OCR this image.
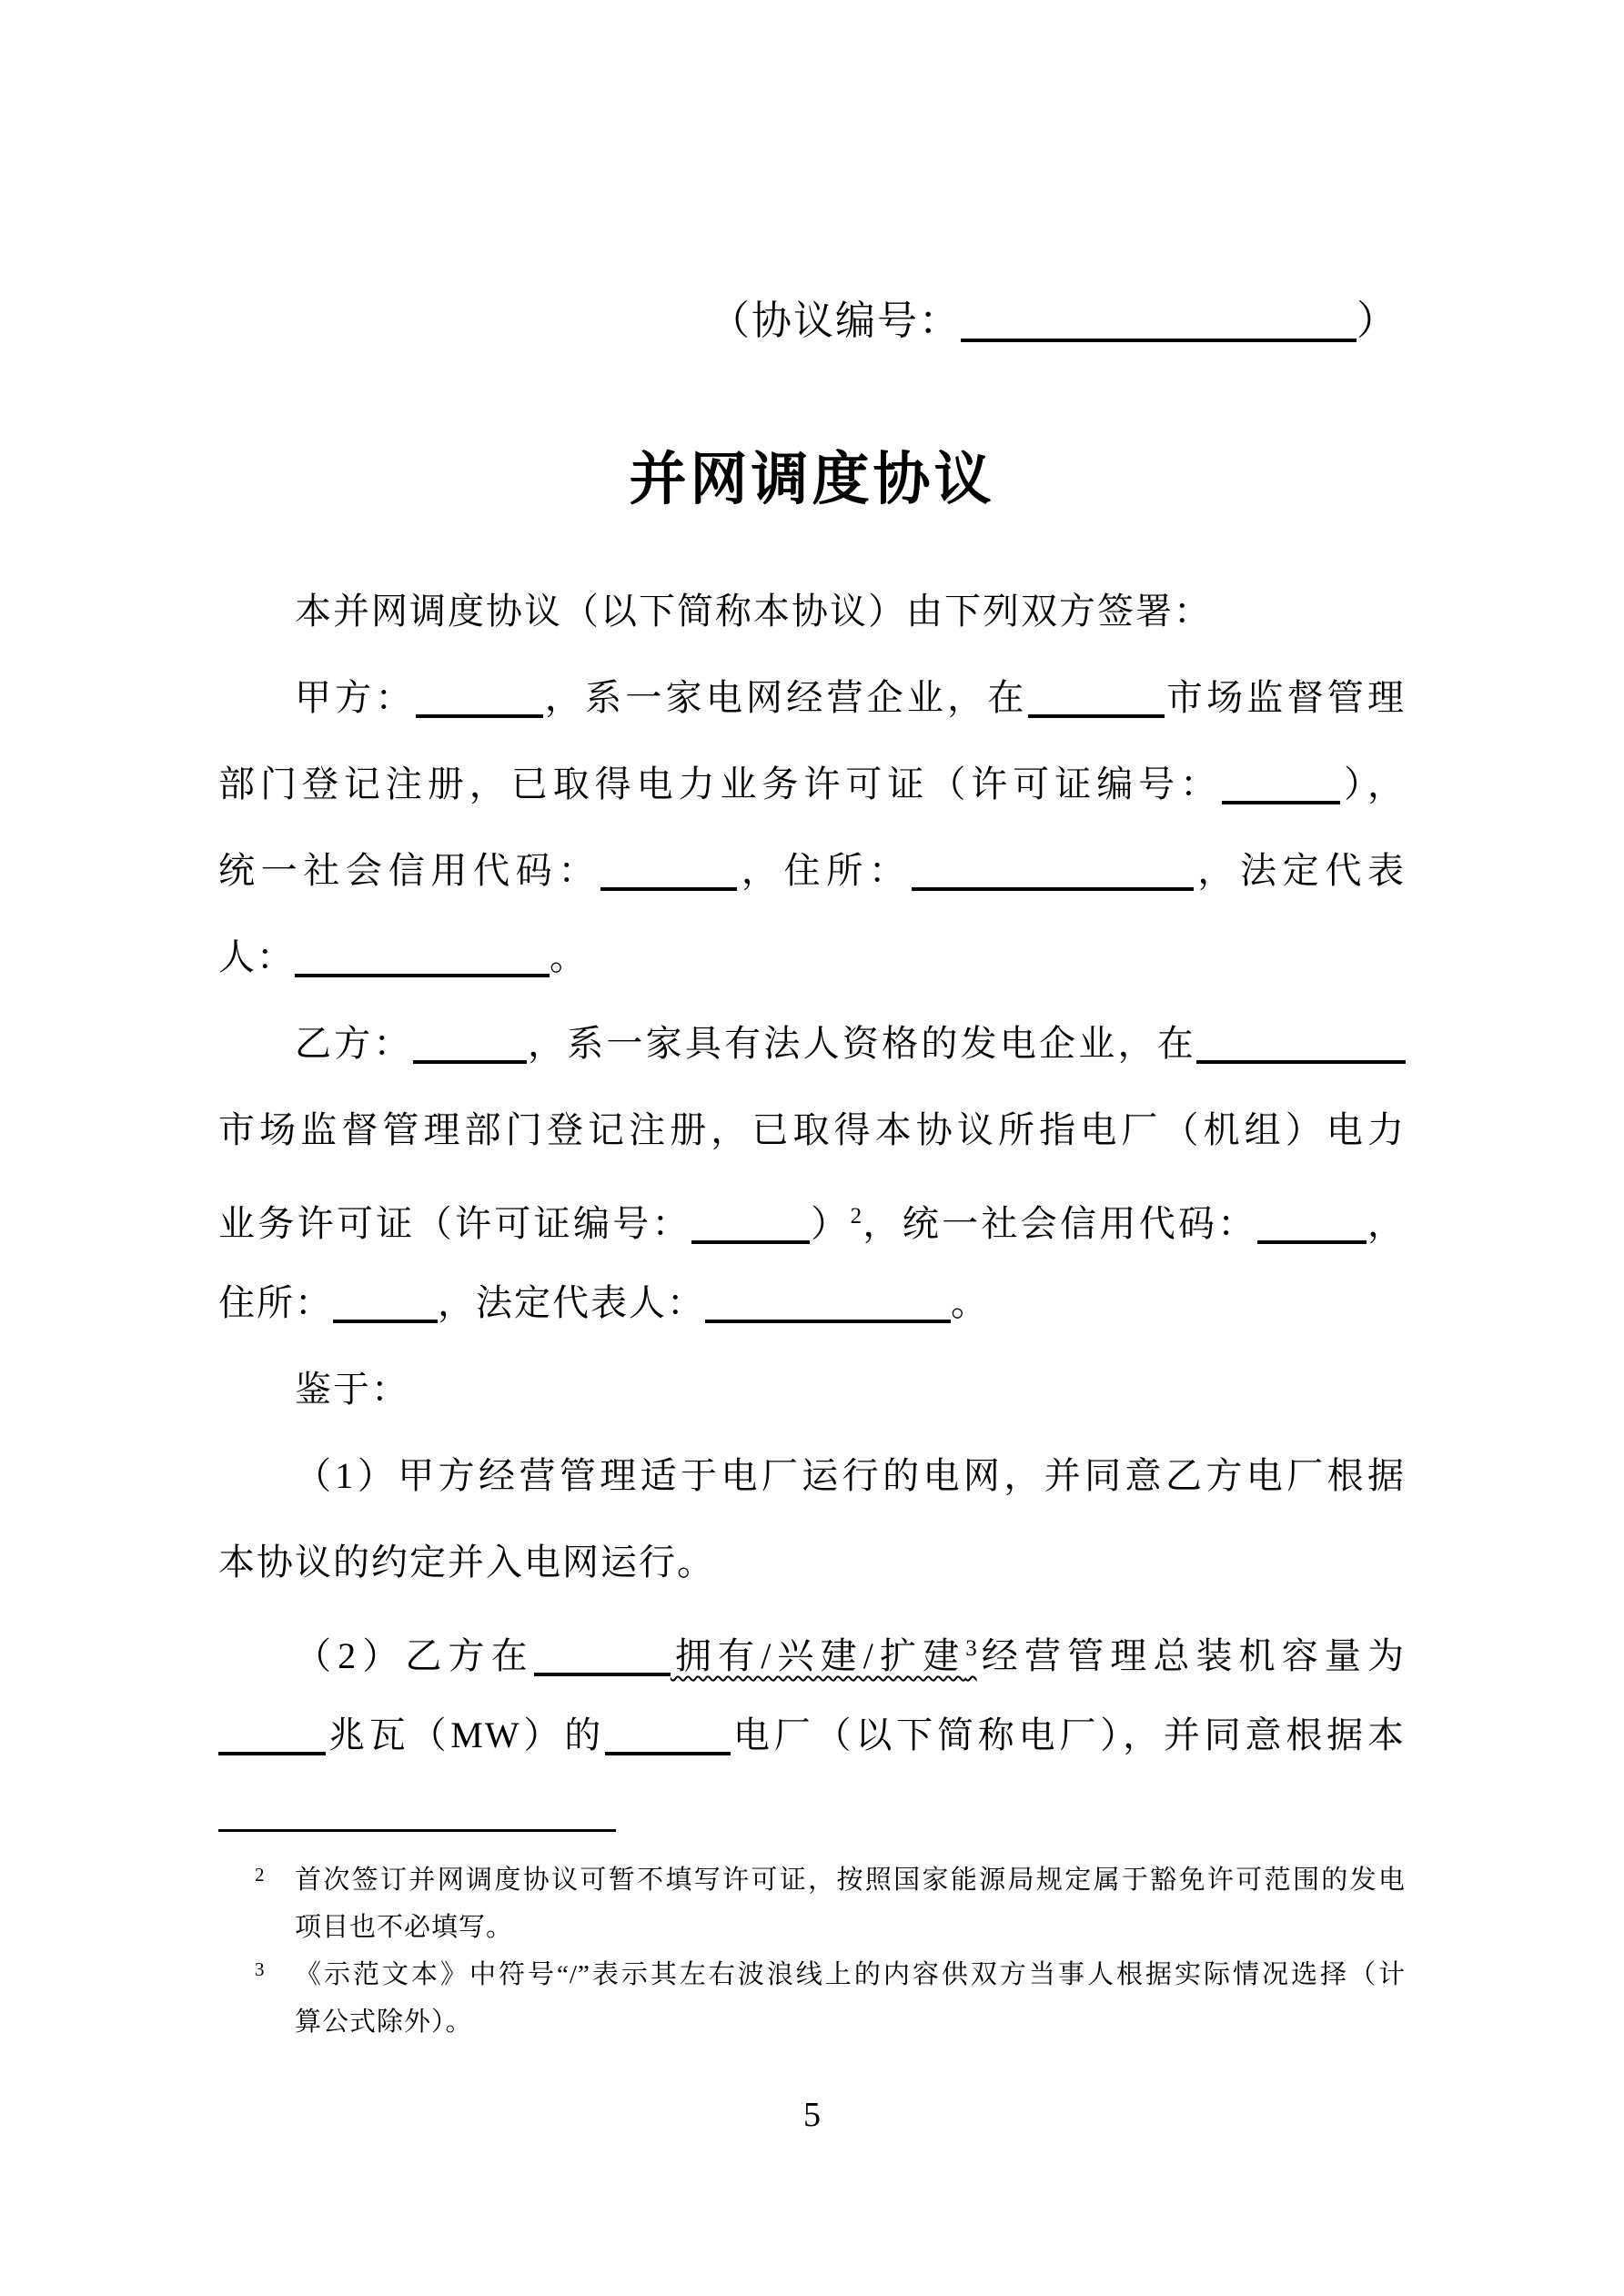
（协议编号：	）
并网调度协议
本并网调度协议（以下简称本协议）由下列双方签署：
甲方：	，系一家电网经营企业，在	市场监督管理
部门登记注册，已取得电力业务许可证（许可证编号：	），
统一社会信用代码：	，住所：	，法定代表
人：	。
乙方：	，系一家具有法人资格的发电企业，在
市场监督管理部门登记注册，已取得本协议所指电厂（机组）电力
业务许可证（许可证编号：	）$^2$，统一社会信用代码：	，
住所：	，法定代表人：	。
鉴于：
（1）甲方经营管理适于电厂运行的电网，并同意乙方电厂根据
本协议的约定并入电网运行。
（2）乙方在	拥有/兴建/扩建$^3$经营管理总装机容量为
兆瓦（MW）的	电厂（以下简称电厂），并同意根据本
2 首次签订并网调度协议可暂不填写许可证，按照国家能源局规定属于豁免许可范围的发电
项目也不必填写。
3 《示范文本》中符号“/”表示其左右波浪线上的内容供双方当事人根据实际情况选择（计
算公式除外）。
5
